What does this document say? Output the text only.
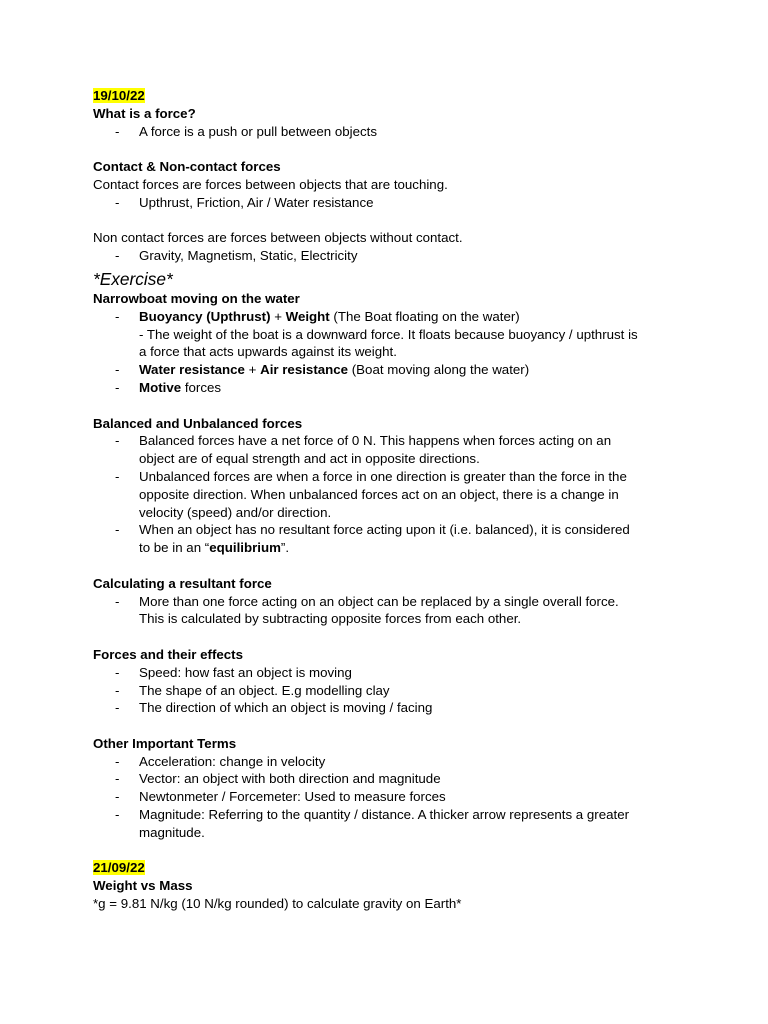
19/10/22

What is a force?

- A force is a push or pull between objects

Contact & Non-contact forces

Contact forces are forces between objects that are touching.

- Upthrust, Friction, Air / Water resistance

Non contact forces are forces between objects without contact.

- Gravity, Magnetism, Static, Electricity

*Exercise*

Narrowboat moving on the water

- Buoyancy (Upthrust) + Weight (The Boat floating on the water)

- The weight of the boat is a downward force. It floats because buoyancy / upthrust is

a force that acts upwards against its weight.

- Water resistance + Air resistance (Boat moving along the water)
- Motive forces

Balanced and Unbalanced forces

- Balanced forces have a net force of 0 N. This happens when forces acting on an

object are of equal strength and act in opposite directions.

- Unbalanced forces are when a force in one direction is greater than the force in the

opposite direction. When unbalanced forces act on an object, there is a change in

velocity (speed) and/or direction.

- When an object has no resultant force acting upon it (i.e. balanced), it is considered

to be in an “equilibrium”.

Calculating a resultant force

- More than one force acting on an object can be replaced by a single overall force.

This is calculated by subtracting opposite forces from each other.

Forces and their effects

- Speed: how fast an object is moving
- The shape of an object. E.g modelling clay
- The direction of which an object is moving / facing

Other Important Terms

- Acceleration: change in velocity
- Vector: an object with both direction and magnitude
- Newtonmeter / Forcemeter: Used to measure forces
- Magnitude: Referring to the quantity / distance. A thicker arrow represents a greater

magnitude.

21/09/22

Weight vs Mass

*g = 9.81 N/kg (10 N/kg rounded) to calculate gravity on Earth*
